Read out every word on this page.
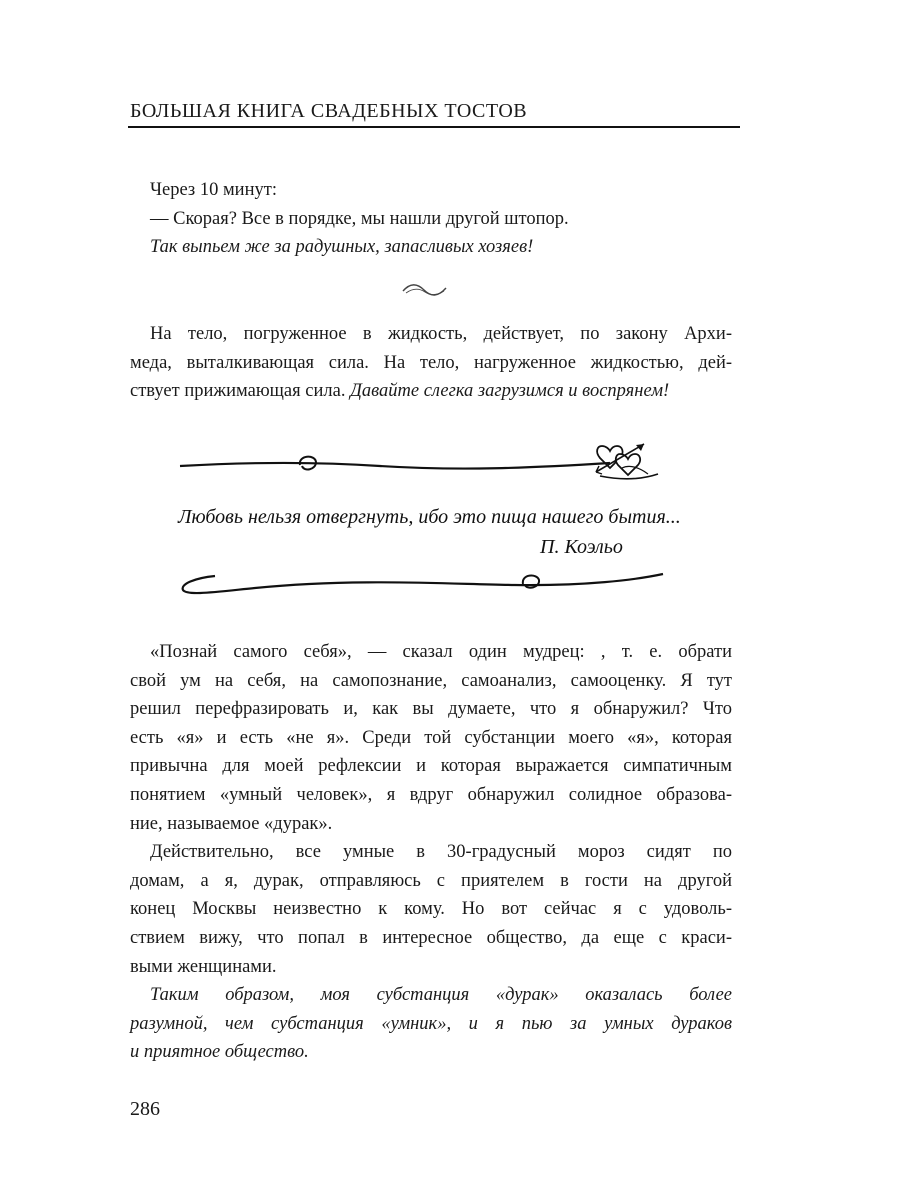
БОЛЬШАЯ КНИГА СВАДЕБНЫХ ТОСТОВ
Через 10 минут:
— Скорая? Все в порядке, мы нашли другой штопор.
Так выпьем же за радушных, запасливых хозяев!
На тело, погруженное в жидкость, действует, по закону Архи-
меда, выталкивающая сила. На тело, нагруженное жидкостью, дей-
ствует прижимающая сила. Давайте слегка загрузимся и воспрянем!
Любовь нельзя отвергнуть, ибо это пища нашего бытия...
П. Коэльо
«Познай самого себя», — сказал один мудрец: , т. е. обрати
свой ум на себя, на самопознание, самоанализ, самооценку. Я тут
решил перефразировать и, как вы думаете, что я обнаружил? Что
есть «я» и есть «не я». Среди той субстанции моего «я», которая
привычна для моей рефлексии и которая выражается симпатичным
понятием «умный человек», я вдруг обнаружил солидное образова-
ние, называемое «дурак».
Действительно, все умные в 30-градусный мороз сидят по
домам, а я, дурак, отправляюсь с приятелем в гости на другой
конец Москвы неизвестно к кому. Но вот сейчас я с удоволь-
ствием вижу, что попал в интересное общество, да еще с краси-
выми женщинами.
Таким образом, моя субстанция «дурак» оказалась более
разумной, чем субстанция «умник», и я пью за умных дураков
и приятное общество.
286
